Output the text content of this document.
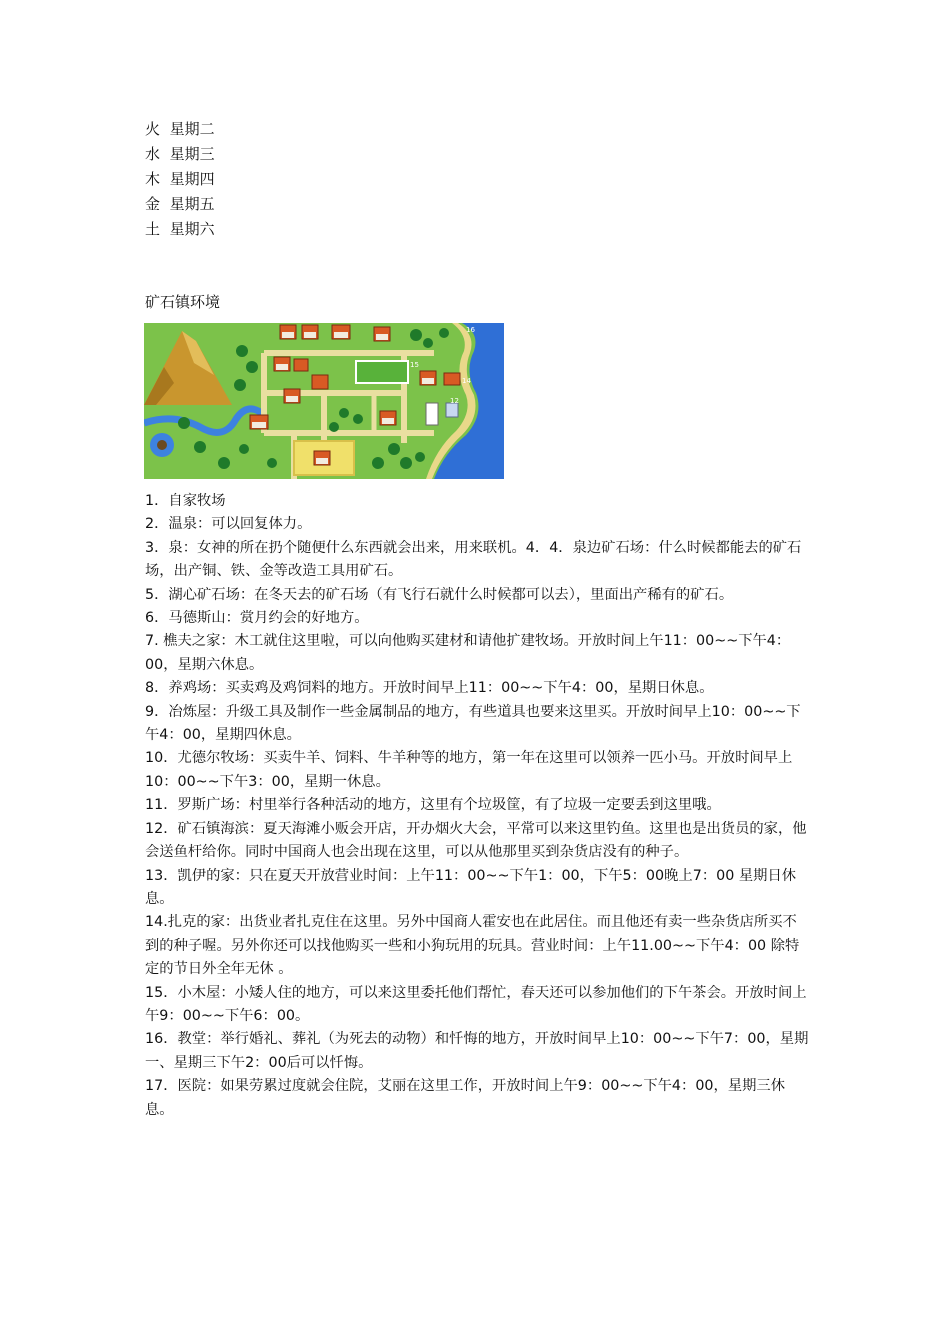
火 星期二
水 星期三
木 星期四
金 星期五
土 星期六
矿石镇环境
16
12
14
15

1．自家牧场

2．温泉：可以回复体力。

3．泉：女神的所在扔个随便什么东西就会出来，用来联机。4．4．泉边矿石场：什么时候都能去的矿石场，出产铜、铁、金等改造工具用矿石。

5．湖心矿石场：在冬天去的矿石场（有飞行石就什么时候都可以去），里面出产稀有的矿石。

6．马德斯山：赏月约会的好地方。

7. 樵夫之家：木工就住这里啦，可以向他购买建材和请他扩建牧场。开放时间上午11：00~~下午4：00，星期六休息。

8．养鸡场：买卖鸡及鸡饲料的地方。开放时间早上11：00~~下午4：00，星期日休息。

9．冶炼屋：升级工具及制作一些金属制品的地方，有些道具也要来这里买。开放时间早上10：00~~下午4：00，星期四休息。

10．尤德尔牧场：买卖牛羊、饲料、牛羊种等的地方，第一年在这里可以领养一匹小马。开放时间早上10：00~~下午3：00，星期一休息。

11．罗斯广场：村里举行各种活动的地方，这里有个垃圾筐，有了垃圾一定要丢到这里哦。

12．矿石镇海滨：夏天海滩小贩会开店，开办烟火大会，平常可以来这里钓鱼。这里也是出货员的家，他会送鱼杆给你。同时中国商人也会出现在这里，可以从他那里买到杂货店没有的种子。

13．凯伊的家：只在夏天开放营业时间：上午11：00~~下午1：00，下午5：00晚上7：00 星期日休息。

14.扎克的家：出货业者扎克住在这里。另外中国商人霍安也在此居住。而且他还有卖一些杂货店所买不到的种子喔。另外你还可以找他购买一些和小狗玩用的玩具。营业时间：上午11.00~~下午4：00 除特定的节日外全年无休 。

15．小木屋：小矮人住的地方，可以来这里委托他们帮忙，春天还可以参加他们的下午茶会。开放时间上午9：00~~下午6：00。

16．教堂：举行婚礼、葬礼（为死去的动物）和忏悔的地方，开放时间早上10：00~~下午7：00，星期一、星期三下午2：00后可以忏悔。

17．医院：如果劳累过度就会住院，艾丽在这里工作，开放时间上午9：00~~下午4：00，星期三休息。
